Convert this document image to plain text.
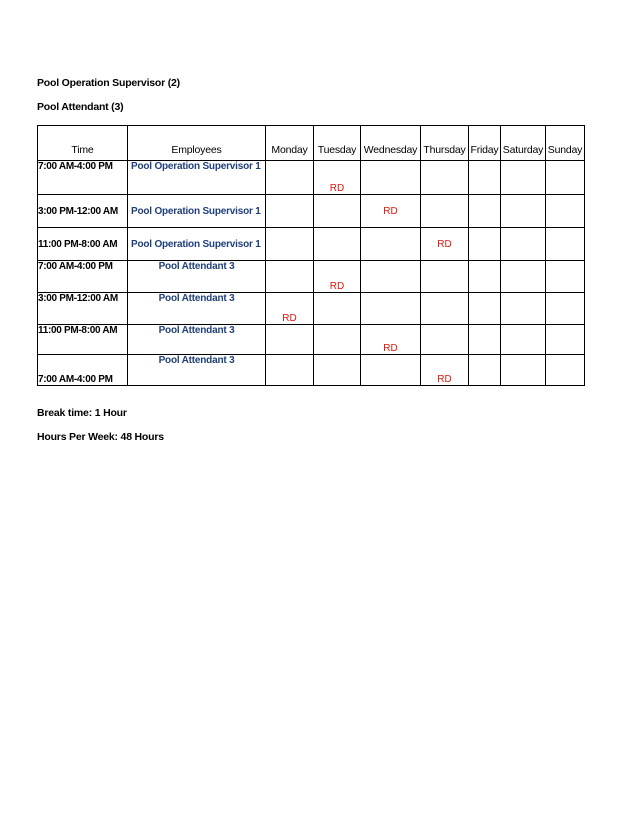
Pool Operation Supervisor (2)
Pool Attendant (3)
Time	Employees	Monday	Tuesday	Wednesday	Thursday	Friday	Saturday	Sunday
7:00 AM-4:00 PM	Pool Operation Supervisor 1		RD					
3:00 PM-12:00 AM	Pool Operation Supervisor 1			RD				
11:00 PM-8:00 AM	Pool Operation Supervisor 1				RD			
7:00 AM-4:00 PM	Pool Attendant 3		RD					
3:00 PM-12:00 AM	Pool Attendant 3	RD						
11:00 PM-8:00 AM	Pool Attendant 3			RD				
7:00 AM-4:00 PM	Pool Attendant 3				RD			
Break time: 1 Hour
Hours Per Week: 48 Hours
